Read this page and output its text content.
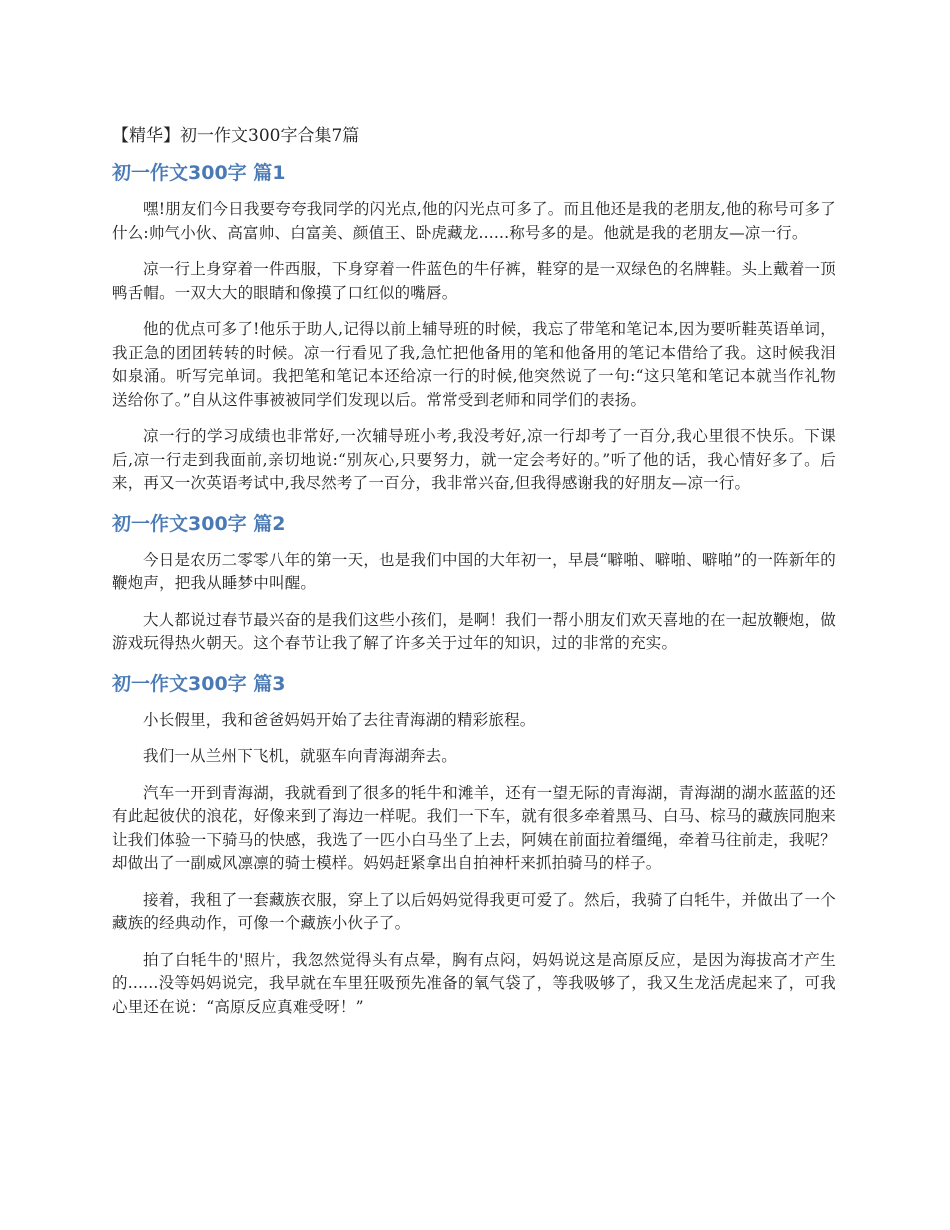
【精华】初一作文300字合集7篇
初一作文300字 篇1

嘿!朋友们今日我要夸夸我同学的闪光点,他的闪光点可多了。而且他还是我的老朋友,他的称号可多了什么:帅气小伙、高富帅、白富美、颜值王、卧虎藏龙......称号多的是。他就是我的老朋友—凉一行。

凉一行上身穿着一件西服，下身穿着一件蓝色的牛仔裤，鞋穿的是一双绿色的名牌鞋。头上戴着一顶鸭舌帽。一双大大的眼睛和像摸了口红似的嘴唇。

他的优点可多了!他乐于助人,记得以前上辅导班的时候，我忘了带笔和笔记本,因为要听鞋英语单词，我正急的团团转转的时候。凉一行看见了我,急忙把他备用的笔和他备用的笔记本借给了我。这时候我泪如泉涌。听写完单词。我把笔和笔记本还给凉一行的时候,他突然说了一句:“这只笔和笔记本就当作礼物送给你了。”自从这件事被被同学们发现以后。常常受到老师和同学们的表扬。

凉一行的学习成绩也非常好,一次辅导班小考,我没考好,凉一行却考了一百分,我心里很不快乐。下课后,凉一行走到我面前,亲切地说:“别灰心,只要努力，就一定会考好的。”听了他的话，我心情好多了。后来，再又一次英语考试中,我尽然考了一百分，我非常兴奋,但我得感谢我的好朋友—凉一行。

初一作文300字 篇2

今日是农历二零零八年的第一天，也是我们中国的大年初一，早晨“噼啪、噼啪、噼啪”的一阵新年的鞭炮声，把我从睡梦中叫醒。

大人都说过春节最兴奋的是我们这些小孩们，是啊！我们一帮小朋友们欢天喜地的在一起放鞭炮，做游戏玩得热火朝天。这个春节让我了解了许多关于过年的知识，过的非常的充实。

初一作文300字 篇3

小长假里，我和爸爸妈妈开始了去往青海湖的精彩旅程。

我们一从兰州下飞机，就驱车向青海湖奔去。

汽车一开到青海湖，我就看到了很多的牦牛和滩羊，还有一望无际的青海湖，青海湖的湖水蓝蓝的还有此起彼伏的浪花，好像来到了海边一样呢。我们一下车，就有很多牵着黑马、白马、棕马的藏族同胞来让我们体验一下骑马的快感，我选了一匹小白马坐了上去，阿姨在前面拉着缰绳，牵着马往前走，我呢？却做出了一副威风凛凛的骑士模样。妈妈赶紧拿出自拍神杆来抓拍骑马的样子。

接着，我租了一套藏族衣服，穿上了以后妈妈觉得我更可爱了。然后，我骑了白牦牛，并做出了一个藏族的经典动作，可像一个藏族小伙子了。

拍了白牦牛的'照片，我忽然觉得头有点晕，胸有点闷，妈妈说这是高原反应，是因为海拔高才产生的......没等妈妈说完，我早就在车里狂吸预先准备的氧气袋了，等我吸够了，我又生龙活虎起来了，可我心里还在说：“高原反应真难受呀！”
